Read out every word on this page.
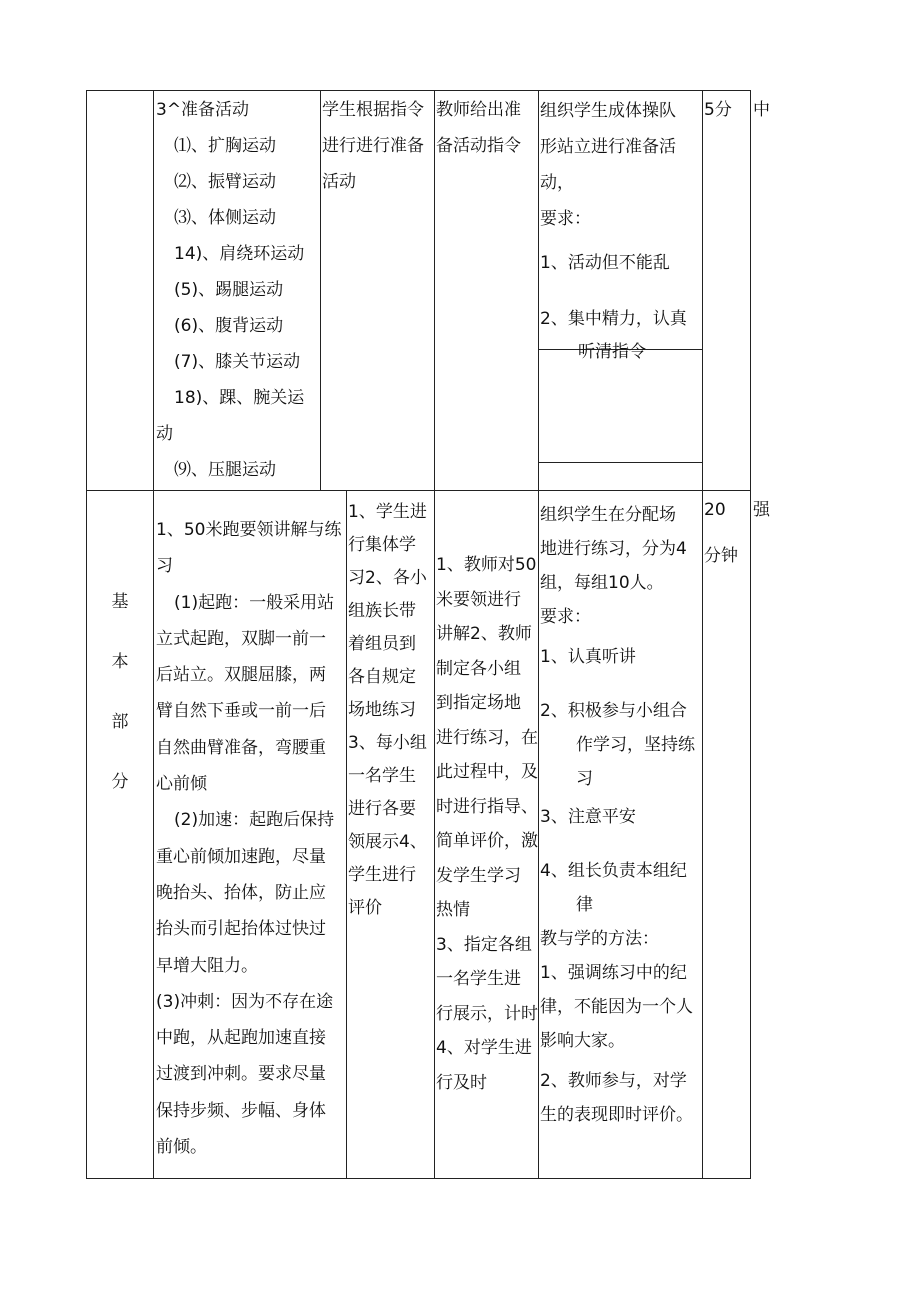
3^准备活动
⑴、扩胸运动
⑵、振臂运动
⑶、体侧运动
14)、肩绕环运动
(5)、踢腿运动
(6)、腹背运动
(7)、膝关节运动
18)、踝、腕关运
动
⑼、压腿运动
学生根据指令
进行进行准备
活动
教师给出准
备活动指令
组织学生成体操队
形站立进行准备活
动，
要求：
1、活动但不能乱
2、集中精力，认真
听清指令
5分 中
基
本
部
分
1、50米跑要领讲解与练
习
(1)起跑：一般采用站
立式起跑，双脚一前一
后站立。双腿屈膝，两
臂自然下垂或一前一后
自然曲臂准备，弯腰重
心前倾
(2)加速：起跑后保持
重心前倾加速跑，尽量
晚抬头、抬体，防止应
抬头而引起抬体过快过
早增大阻力。
(3)冲刺：因为不存在途
中跑，从起跑加速直接
过渡到冲刺。要求尽量
保持步频、步幅、身体
前倾。
1、学生进
行集体学
习2、各小
组族长带
着组员到
各自规定
场地练习
3、每小组
一名学生
进行各要
领展示4、
学生进行
评价
1、教师对50
米要领进行
讲解2、教师
制定各小组
到指定场地
进行练习，在
此过程中，及
时进行指导、
简单评价，激
发学生学习
热情
3、指定各组
一名学生进
行展示，计时
4、对学生进
行及时
组织学生在分配场
地进行练习，分为4
组，每组10人。
要求：
1、认真听讲
2、积极参与小组合
作学习，坚持练
习
3、注意平安
4、组长负责本组纪
律
教与学的方法：
1、强调练习中的纪
律，不能因为一个人
影响大家。
2、教师参与，对学
生的表现即时评价。
20
分钟
强
